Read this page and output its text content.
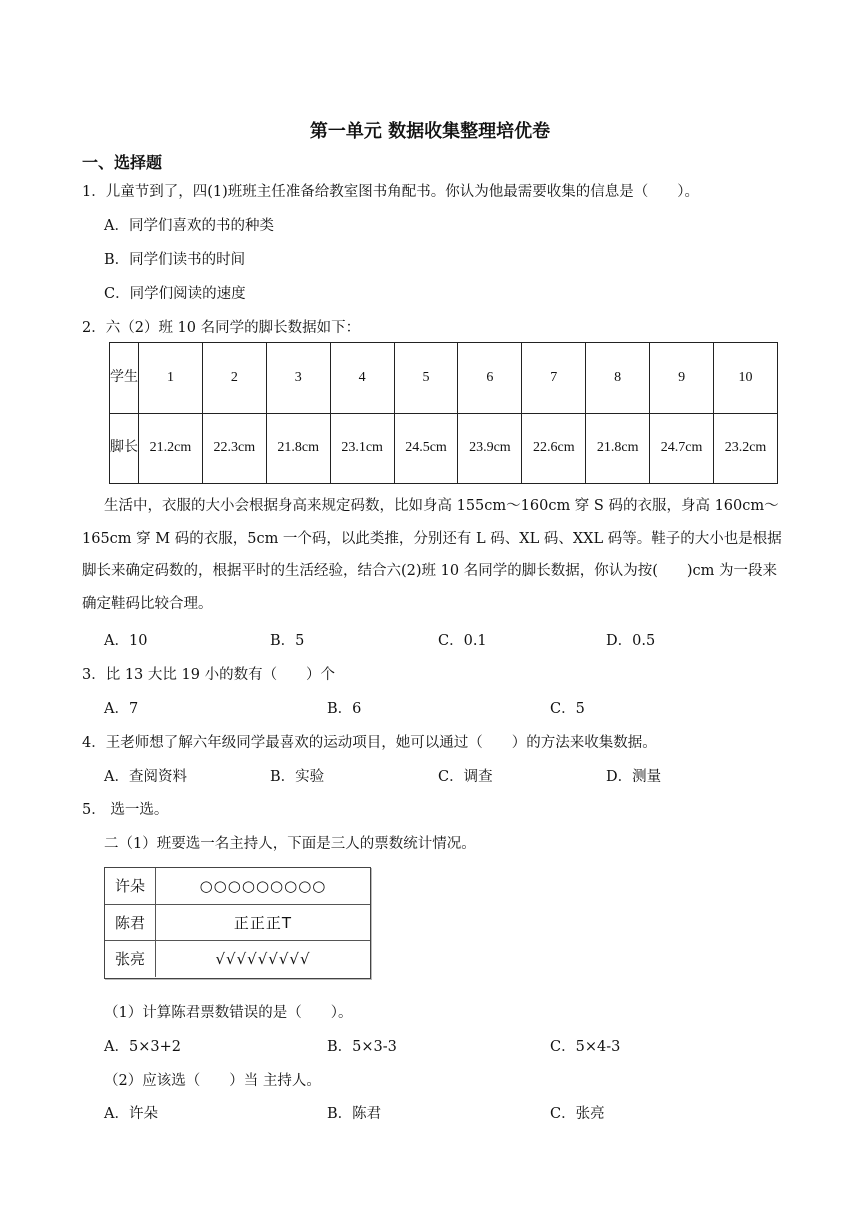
第一单元 数据收集整理培优卷
一、选择题
1．儿童节到了，四(1)班班主任准备给教室图书角配书。你认为他最需要收集的信息是（　　）。
A．同学们喜欢的书的种类
B．同学们读书的时间
C．同学们阅读的速度
2．六（2）班 10 名同学的脚长数据如下：
学生	1	2	3	4	5	6	7	8	9	10
脚长	21.2cm	22.3cm	21.8cm	23.1cm	24.5cm	23.9cm	22.6cm	21.8cm	24.7cm	23.2cm
生活中，衣服的大小会根据身高来规定码数，比如身高 155cm～160cm 穿 S 码的衣服，身高 160cm～165cm 穿 M 码的衣服，5cm 一个码，以此类推，分别还有 L 码、XL 码、XXL 码等。鞋子的大小也是根据脚长来确定码数的，根据平时的生活经验，结合六(2)班 10 名同学的脚长数据，你认为按(　　)cm 为一段来确定鞋码比较合理。
A．10	B．5	C．0.1	D．0.5
3．比 13 大比 19 小的数有（　　）个
A．7	B．6	C．5
4．王老师想了解六年级同学最喜欢的运动项目，她可以通过（　　）的方法来收集数据。
A．查阅资料	B．实验	C．调查	D．测量
5． 选一选。
二（1）班要选一名主持人，下面是三人的票数统计情况。
许朵	○○○○○○○○○
陈君	正正正T
张亮	√√√√√√√√√
（1）计算陈君票数错误的是（　　）。
A．5×3+2	B．5×3-3	C．5×4-3
（2）应该选（　　）当 主持人。
A．许朵	B．陈君	C．张亮
